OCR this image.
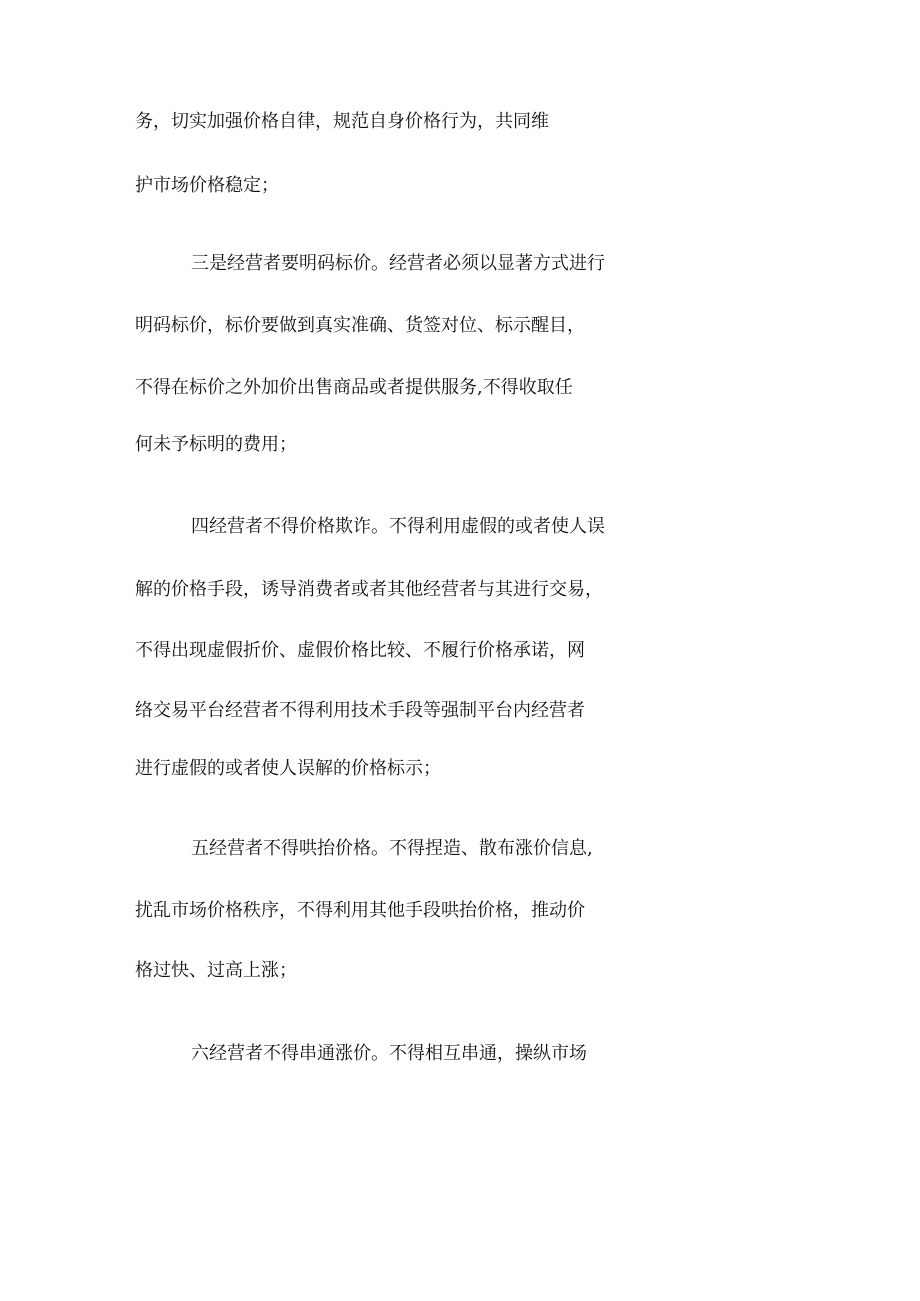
务，切实加强价格自律，规范自身价格行为，共同维
护市场价格稳定；
三是经营者要明码标价。经营者必须以显著方式进行
明码标价，标价要做到真实准确、货签对位、标示醒目，
不得在标价之外加价出售商品或者提供服务,不得收取任
何未予标明的费用；
四经营者不得价格欺诈。不得利用虚假的或者使人误
解的价格手段，诱导消费者或者其他经营者与其进行交易，
不得出现虚假折价、虚假价格比较、不履行价格承诺，网
络交易平台经营者不得利用技术手段等强制平台内经营者
进行虚假的或者使人误解的价格标示；
五经营者不得哄抬价格。不得捏造、散布涨价信息,
扰乱市场价格秩序，不得利用其他手段哄抬价格，推动价
格过快、过高上涨；
六经营者不得串通涨价。不得相互串通，操纵市场
